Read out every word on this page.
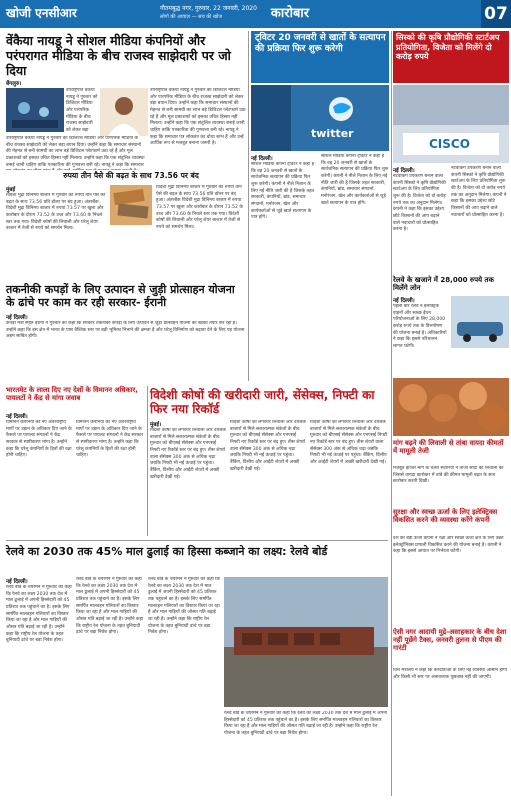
खोजी एनसीआर	गौतमबुद्ध नगर, गुरुवार, 22 जनवरी, 2020
लोगों की आवाज़ — सच की खोज	कारोबार	07
वेंकैया नायडू ने सोशल मीडिया कंपनियों और परंपरागत मीडिया के बीच राजस्व साझेदारी पर जो दिया
बेंगलुरु।
उपराष्ट्रपति वेंकैया नायडू ने गुरुवार को डिजिटल मीडिया और पारंपरिक मीडिया के बीच राजस्व साझेदारी को लेकर बड़ा
उपराष्ट्रपति वेंकैया नायडू ने गुरुवार को डिजिटल मीडिया और पारंपरिक मीडिया के बीच राजस्व साझेदारी को लेकर बड़ा बयान दिया। उन्होंने कहा कि समाचार संस्थानों की मेहनत से बनी सामग्री का लाभ बड़े डिजिटल प्लेटफार्म उठा रहे हैं और मूल प्रकाशकों को इसका उचित हिस्सा नहीं मिलता। उन्होंने कहा कि एक संतुलित व्यवस्था बनाई जानी चाहिए ताकि पत्रकारिता की गुणवत्ता बनी रहे। नायडू ने कहा कि समाचार पत्र लोकतंत्र का चौथा स्तंभ हैं और उन्हें आर्थिक रूप से मजबूत बनाना जरूरी है।
उपराष्ट्रपति वेंकैया नायडू ने गुरुवार को डिजिटल मीडिया और पारंपरिक मीडिया के बीच राजस्व साझेदारी को लेकर बड़ा बयान दिया। उन्होंने कहा कि समाचार संस्थानों की मेहनत से बनी सामग्री का लाभ बड़े डिजिटल प्लेटफार्म उठा रहे हैं और मूल प्रकाशकों को इसका उचित हिस्सा नहीं मिलता। उन्होंने कहा कि एक संतुलित व्यवस्था बनाई जानी चाहिए ताकि पत्रकारिता की गुणवत्ता बनी रहे। नायडू ने कहा कि समाचार
रुपया तीन पैसे की बढ़त के साथ 73.56 पर बंद
मुंबई
विदेशी मुद्रा विनिमय बाजार में गुरुवार को रुपया तीन पैसे की बढ़त के साथ 73.56 प्रति डॉलर पर बंद हुआ। अंतरबैंक विदेशी मुद्रा विनिमय बाजार में रुपया 73.57 पर खुला और कारोबार के दौरान 73.52 के उच्च और 73.60 के निचले स्तर तक गया। विदेशी कोषों की लिवाली और घरेलू शेयर बाजार में तेजी से रुपये को समर्थन मिला।
विदेशी मुद्रा विनिमय बाजार में गुरुवार को रुपया तीन पैसे की बढ़त के साथ 73.56 प्रति डॉलर पर बंद हुआ। अंतरबैंक विदेशी मुद्रा विनिमय बाजार में रुपया 73.57 पर खुला और कारोबार के दौरान 73.52 के उच्च और 73.60 के निचले स्तर तक गया। विदेशी कोषों की लिवाली और घरेलू शेयर बाजार में तेजी से रुपये को समर्थन मिला।
तकनीकी कपड़ों के लिए उत्पादन से जुड़ी प्रोत्साहन योजना के ढांचे पर काम कर रही सरकार- ईरानी
नई दिल्ली।
कपड़ा मंत्री स्मृति ईरानी ने गुरुवार को कहा कि सरकार तकनीकी कपड़ों के लिए उत्पादन से जुड़ी प्रोत्साहन योजना का खाका तैयार कर रही है। उन्होंने कहा कि इस क्षेत्र में भारत के पास वैश्विक स्तर पर बड़ी भूमिका निभाने की क्षमता है और घरेलू विनिर्माण को बढ़ावा देने के लिए यह योजना अहम साबित होगी।
ट्विटर 20 जनवरी से खातों के सत्यापन की प्रक्रिया फिर शुरू करेगी
twitter
नई दिल्ली।
सोशल मीडिया कंपनी ट्विटर ने कहा है कि वह 20 जनवरी से खातों के सार्वजनिक सत्यापन की प्रक्रिया फिर शुरू करेगी। कंपनी ने नीले निशान के लिए नई नीति जारी की है जिसके तहत सरकारी, कंपनियों, ब्रांड, समाचार संगठनों, मनोरंजन, खेल और कार्यकर्ताओं से जुड़े खाते सत्यापन के पात्र होंगे।
सोशल मीडिया कंपनी ट्विटर ने कहा है कि वह 20 जनवरी से खातों के सार्वजनिक सत्यापन की प्रक्रिया फिर शुरू करेगी। कंपनी ने नीले निशान के लिए नई नीति जारी की है जिसके तहत सरकारी, कंपनियों, ब्रांड, समाचार संगठनों, मनोरंजन, खेल और कार्यकर्ताओं से जुड़े खाते सत्यापन के पात्र होंगे।
सिस्को की कृषि प्रौद्योगिकी स्टार्टअप प्रतियोगिता, विजेता को मिलेंगे दो करोड़ रुपये
CISCO
नई दिल्ली।
नेटवर्किंग उपकरण बनाने वाली कंपनी सिस्को ने कृषि प्रौद्योगिकी स्टार्टअप के लिए प्रतियोगिता शुरू की है। विजेता को दो करोड़ रुपये तक का अनुदान मिलेगा। कंपनी ने कहा कि इसका उद्देश्य छोटे किसानों की आय बढ़ाने वाले नवाचारों को प्रोत्साहित करना है।
नेटवर्किंग उपकरण बनाने वाली कंपनी सिस्को ने कृषि प्रौद्योगिकी स्टार्टअप के लिए प्रतियोगिता शुरू की है। विजेता को दो करोड़ रुपये तक का अनुदान मिलेगा। कंपनी ने कहा कि इसका उद्देश्य छोटे किसानों की आय बढ़ाने वाले नवाचारों को प्रोत्साहित करना है।
रेलवे के खजाने में 28,000 रुपये तक मिलेंगे लोन
नई दिल्ली।
पहली बार रेलवे ने इलेक्ट्रिक वाहनों और स्वच्छ ईंधन परियोजनाओं के लिए 28,000 करोड़ रुपये तक के वित्तपोषण की योजना बनाई है। अधिकारियों ने कहा कि इससे परिचालन लागत घटेगी।
मांग बढ़ने की लिवाली से तांबा वायदा कीमतों में मामूली तेजी
मजबूत हाजिर मांग के चलते सटोरियों ने ताजा सौदों की लिवाली की जिससे वायदा कारोबार में तांबे की कीमत मामूली बढ़त के साथ कारोबार करती दिखी।
सुरक्षा और स्वच्छ ऊर्जा के लिए इलेक्ट्रिक्स विकसित करने की व्यवस्था करेंगे कंपनी
देश की बड़ी ऊर्जा कंपनी ने रक्षा और स्वच्छ ऊर्जा क्षेत्र के लिए उन्नत इलेक्ट्रॉनिक्स प्रणाली विकसित करने की योजना बनाई है। कंपनी ने कहा कि इससे आयात पर निर्भरता घटेगी।
ऐसी नगर आदायी मुद्रे-असाहकार के बीच देशा नहीं पूछेंगे टैक्स, जनवरी तुलना से पीएम की गारंटी
वित्त मंत्रालय ने कहा कि करदाताओं के लिए नई व्यवस्था आसान होगी और किसी भी स्तर पर अनावश्यक पूछताछ नहीं की जाएगी।
भारतमेट के लाला दिए नए देशों के विमानन अधिकार, पायलटों ने केंद्र से मांगा जवाब
नई दिल्ली।
विमानन कंपनियों को नए अंतरराष्ट्रीय मार्गों पर उड़ान के अधिकार दिए जाने के फैसले पर पायलट संगठनों ने केंद्र सरकार से स्पष्टीकरण मांगा है। उन्होंने कहा कि घरेलू कंपनियों के हितों की रक्षा होनी चाहिए।
विमानन कंपनियों को नए अंतरराष्ट्रीय मार्गों पर उड़ान के अधिकार दिए जाने के फैसले पर पायलट संगठनों ने केंद्र सरकार से स्पष्टीकरण मांगा है। उन्होंने कहा कि घरेलू कंपनियों के हितों की रक्षा होनी चाहिए।
विदेशी कोषों की खरीदारी जारी, सेंसेक्स, निफ्टी का फिर नया रिकॉर्ड
मुंबई।
विदेशी कोषों की लगातार लिवाली और वैश्विक बाजारों से मिले सकारात्मक संकेतों के बीच गुरुवार को बीएसई सेंसेक्स और एनएसई निफ्टी नए रिकॉर्ड स्तर पर बंद हुए। तीस शेयरों वाला सेंसेक्स 300 अंक से अधिक चढ़ा जबकि निफ्टी भी नई ऊंचाई पर पहुंचा। बैंकिंग, वित्तीय और आईटी शेयरों में अच्छी खरीदारी देखी गई।
विदेशी कोषों की लगातार लिवाली और वैश्विक बाजारों से मिले सकारात्मक संकेतों के बीच गुरुवार को बीएसई सेंसेक्स और एनएसई निफ्टी नए रिकॉर्ड स्तर पर बंद हुए। तीस शेयरों वाला सेंसेक्स 300 अंक से अधिक चढ़ा जबकि निफ्टी भी नई ऊंचाई पर पहुंचा। बैंकिंग, वित्तीय और आईटी शेयरों में अच्छी खरीदारी देखी गई।
विदेशी कोषों की लगातार लिवाली और वैश्विक बाजारों से मिले सकारात्मक संकेतों के बीच गुरुवार को बीएसई सेंसेक्स और एनएसई निफ्टी नए रिकॉर्ड स्तर पर बंद हुए। तीस शेयरों वाला सेंसेक्स 300 अंक से अधिक चढ़ा जबकि निफ्टी भी नई ऊंचाई पर पहुंचा। बैंकिंग, वित्तीय और आईटी शेयरों में अच्छी खरीदारी देखी गई।
रेलवे का 2030 तक 45% माल ढुलाई का हिस्सा कब्जाने का लक्ष्य: रेलवे बोर्ड
नई दिल्ली।
रेलवे बोर्ड के चेयरमैन ने गुरुवार को कहा कि रेलवे का लक्ष्य 2030 तक देश में माल ढुलाई में अपनी हिस्सेदारी को 45 प्रतिशत तक पहुंचाने का है। इसके लिए समर्पित मालवहन गलियारों का विस्तार किया जा रहा है और माल गाड़ियों की औसत गति बढ़ाई जा रही है। उन्होंने कहा कि राष्ट्रीय रेल योजना के तहत बुनियादी ढांचे पर बड़ा निवेश होगा।
रेलवे बोर्ड के चेयरमैन ने गुरुवार को कहा कि रेलवे का लक्ष्य 2030 तक देश में माल ढुलाई में अपनी हिस्सेदारी को 45 प्रतिशत तक पहुंचाने का है। इसके लिए समर्पित मालवहन गलियारों का विस्तार किया जा रहा है और माल गाड़ियों की औसत गति बढ़ाई जा रही है। उन्होंने कहा कि राष्ट्रीय रेल योजना के तहत बुनियादी ढांचे पर बड़ा निवेश होगा।
रेलवे बोर्ड के चेयरमैन ने गुरुवार को कहा कि रेलवे का लक्ष्य 2030 तक देश में माल ढुलाई में अपनी हिस्सेदारी को 45 प्रतिशत तक पहुंचाने का है। इसके लिए समर्पित मालवहन गलियारों का विस्तार किया जा रहा है और माल गाड़ियों की औसत गति बढ़ाई जा रही है। उन्होंने कहा कि राष्ट्रीय रेल योजना के तहत बुनियादी ढांचे पर बड़ा निवेश होगा।
रेलवे बोर्ड के चेयरमैन ने गुरुवार को कहा कि रेलवे का लक्ष्य 2030 तक देश में माल ढुलाई में अपनी हिस्सेदारी को 45 प्रतिशत तक पहुंचाने का है। इसके लिए समर्पित मालवहन गलियारों का विस्तार किया जा रहा है और माल गाड़ियों की औसत गति बढ़ाई जा रही है। उन्होंने कहा कि राष्ट्रीय रेल योजना के तहत बुनियादी ढांचे पर बड़ा निवेश होगा।
